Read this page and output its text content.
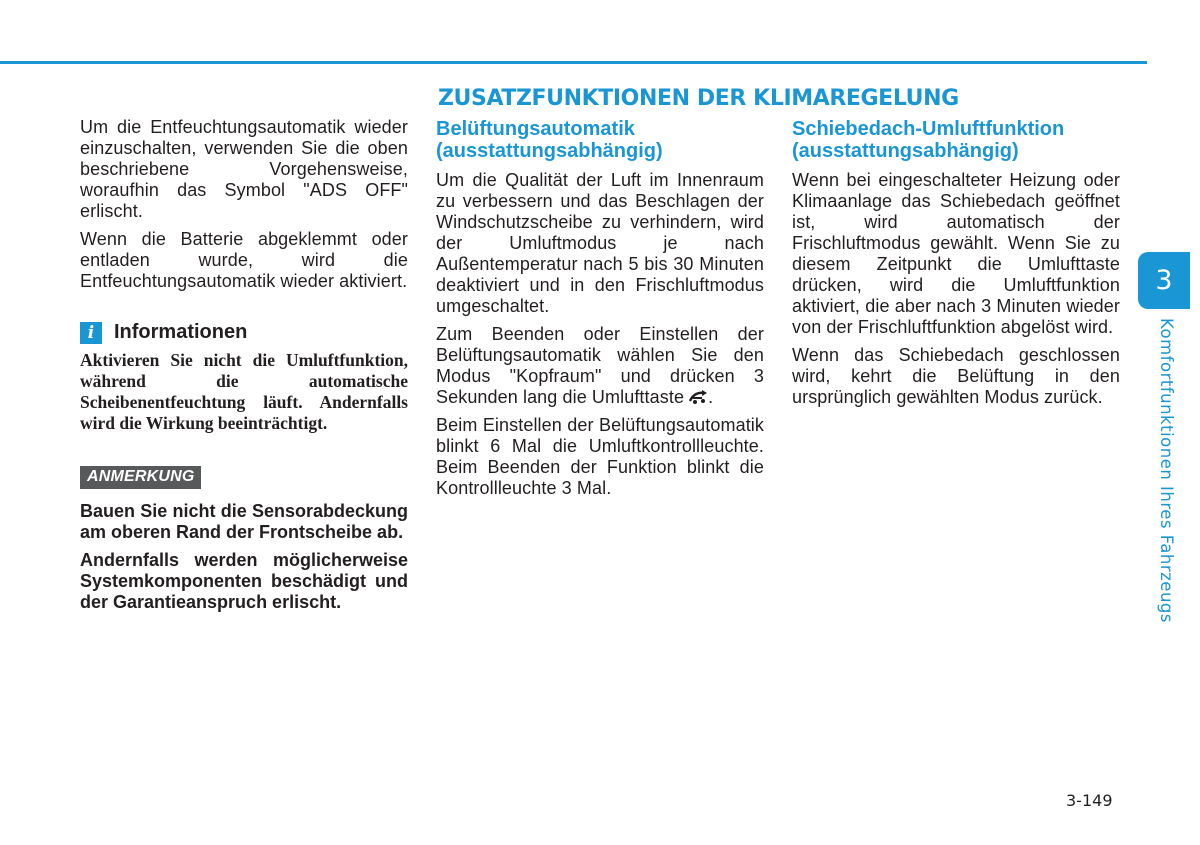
ZUSATZFUNKTIONEN DER KLIMAREGELUNG

Um die Entfeuchtungsautomatik wieder einzuschalten, verwenden Sie die oben beschriebene Vorgehensweise, woraufhin das Symbol "ADS OFF" erlischt.

Wenn die Batterie abgeklemmt oder entladen wurde, wird die Entfeuchtungsautomatik wieder aktiviert.

i Informationen

Aktivieren Sie nicht die Umluftfunktion, während die automatische Scheibenentfeuchtung läuft. Andernfalls wird die Wirkung beeinträchtigt.

ANMERKUNG

Bauen Sie nicht die Sensorabdeckung am oberen Rand der Frontscheibe ab.

Andernfalls werden möglicherweise Systemkomponenten beschädigt und der Garantieanspruch erlischt.

Belüftungsautomatik (ausstattungsabhängig)

Um die Qualität der Luft im Innenraum zu verbessern und das Beschlagen der Windschutzscheibe zu verhindern, wird der Umluftmodus je nach Außentemperatur nach 5 bis 30 Minuten deaktiviert und in den Frischluftmodus umgeschaltet.

Zum Beenden oder Einstellen der Belüftungsautomatik wählen Sie den Modus "Kopfraum" und drücken 3 Sekunden lang die Umlufttaste .

Beim Einstellen der Belüftungsautomatik blinkt 6 Mal die Umluftkontrollleuchte. Beim Beenden der Funktion blinkt die Kontrollleuchte 3 Mal.

Schiebedach-Umluftfunktion (ausstattungsabhängig)

Wenn bei eingeschalteter Heizung oder Klimaanlage das Schiebedach geöffnet ist, wird automatisch der Frischluftmodus gewählt. Wenn Sie zu diesem Zeitpunkt die Umlufttaste drücken, wird die Umluftfunktion aktiviert, die aber nach 3 Minuten wieder von der Frischluftfunktion abgelöst wird.

Wenn das Schiebedach geschlossen wird, kehrt die Belüftung in den ursprünglich gewählten Modus zurück.

3
Komfortfunktionen Ihres Fahrzeugs
3-149
